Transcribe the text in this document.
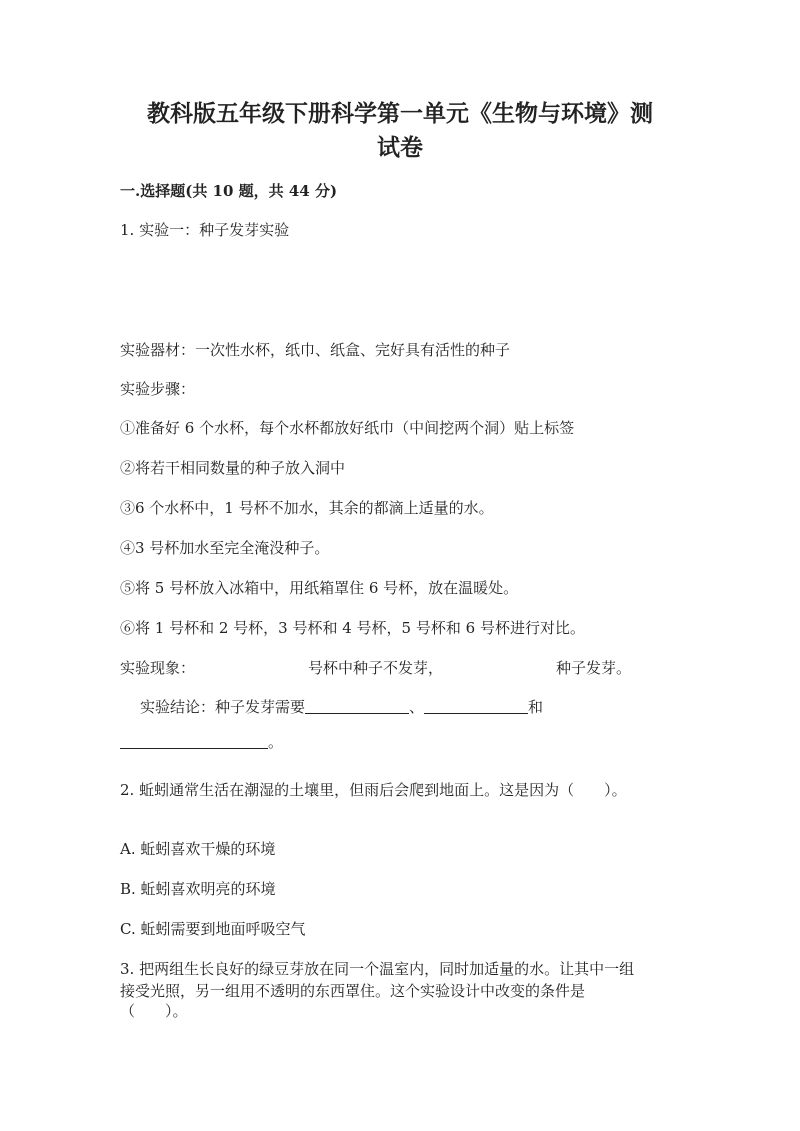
教科版五年级下册科学第一单元《生物与环境》测
试卷
一.选择题(共 10 题，共 44 分)
1. 实验一：种子发芽实验
实验器材：一次性水杯，纸巾、纸盒、完好具有活性的种子
实验步骤：
①准备好 6 个水杯，每个水杯都放好纸巾（中间挖两个洞）贴上标签
②将若干相同数量的种子放入洞中
③6 个水杯中，1 号杯不加水，其余的都滴上适量的水。
④3 号杯加水至完全淹没种子。
⑤将 5 号杯放入冰箱中，用纸箱罩住 6 号杯，放在温暖处。
⑥将 1 号杯和 2 号杯，3 号杯和 4 号杯，5 号杯和 6 号杯进行对比。
实验现象：	号杯中种子不发芽，	种子发芽。
实验结论：种子发芽需要	、	和
。
2. 蚯蚓通常生活在潮湿的土壤里，但雨后会爬到地面上。这是因为（　　）。
A. 蚯蚓喜欢干燥的环境
B. 蚯蚓喜欢明亮的环境
C. 蚯蚓需要到地面呼吸空气
3. 把两组生长良好的绿豆芽放在同一个温室内，同时加适量的水。让其中一组
接受光照，另一组用不透明的东西罩住。这个实验设计中改变的条件是
（　　）。
